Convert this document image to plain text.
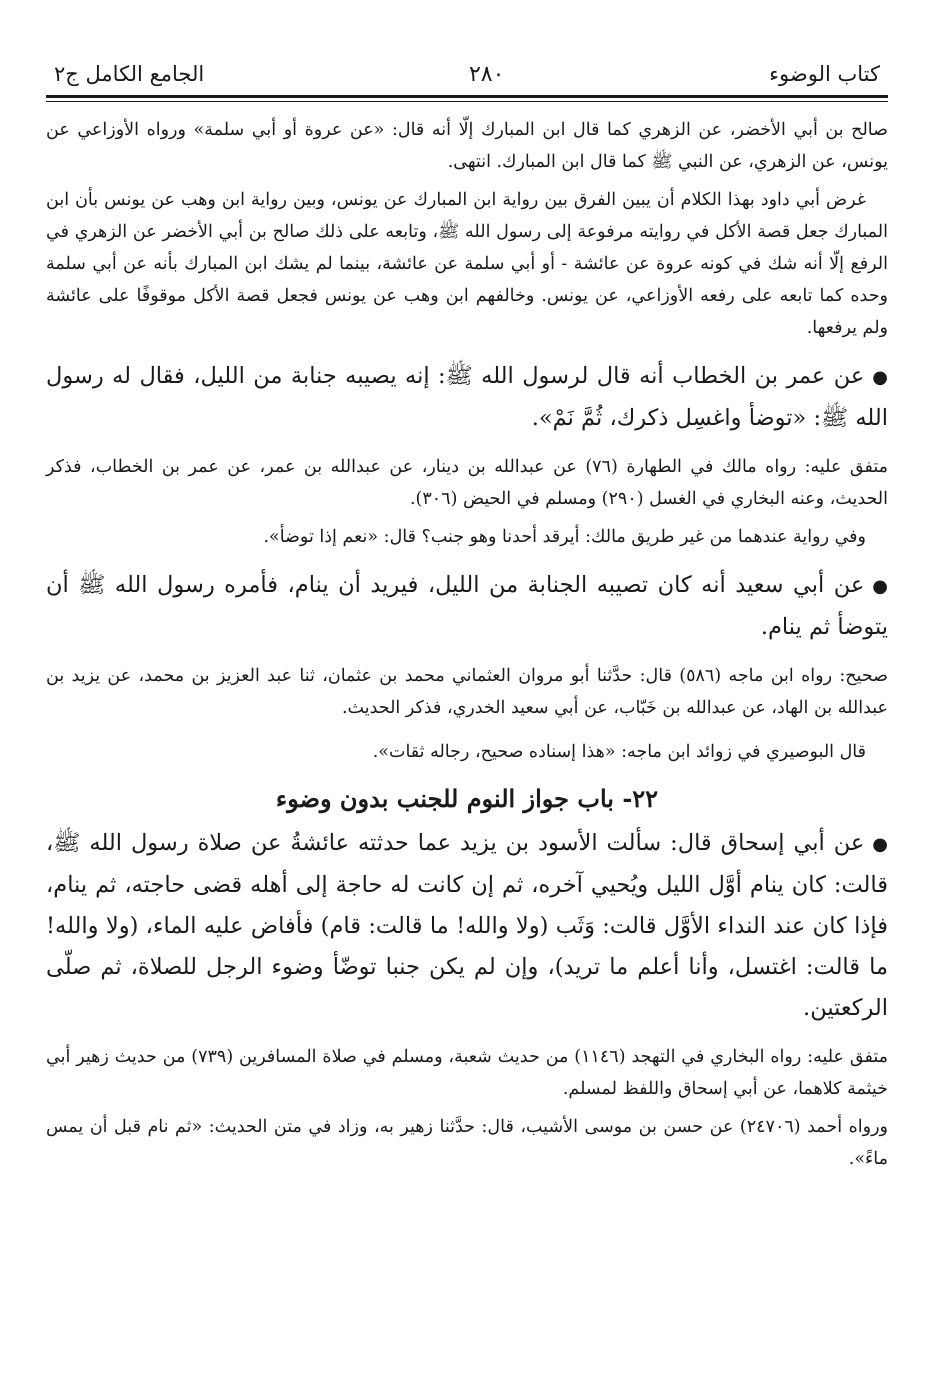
كتاب الوضوء
٢٨٠
الجامع الكامل ج٢

صالح بن أبي الأخضر، عن الزهري كما قال ابن المبارك إلّا أنه قال: «عن عروة أو أبي سلمة» ورواه الأوزاعي عن يونس، عن الزهري، عن النبي ﷺ كما قال ابن المبارك. انتهى.

غرض أبي داود بهذا الكلام أن يبين الفرق بين رواية ابن المبارك عن يونس، وبين رواية ابن وهب عن يونس بأن ابن المبارك جعل قصة الأكل في روايته مرفوعة إلى رسول الله ﷺ، وتابعه على ذلك صالح بن أبي الأخضر عن الزهري في الرفع إلّا أنه شك في كونه عروة عن عائشة - أو أبي سلمة عن عائشة، بينما لم يشك ابن المبارك بأنه عن أبي سلمة وحده كما تابعه على رفعه الأوزاعي، عن يونس. وخالفهم ابن وهب عن يونس فجعل قصة الأكل موقوفًا على عائشة ولم يرفعها.

●عن عمر بن الخطاب أنه قال لرسول الله ﷺ: إنه يصيبه جنابة من الليل، فقال له رسول الله ﷺ: «توضأ واغسِل ذكرك، ثُمَّ نَمْ».

متفق عليه: رواه مالك في الطهارة (٧٦) عن عبدالله بن دينار، عن عبدالله بن عمر، عن عمر بن الخطاب، فذكر الحديث، وعنه البخاري في الغسل (٢٩٠) ومسلم في الحيض (٣٠٦).

وفي رواية عندهما من غير طريق مالك: أيرقد أحدنا وهو جنب؟ قال: «نعم إذا توضأ».

●عن أبي سعيد أنه كان تصيبه الجنابة من الليل، فيريد أن ينام، فأمره رسول الله ﷺ أن يتوضأ ثم ينام.

صحيح: رواه ابن ماجه (٥٨٦) قال: حدَّثنا أبو مروان العثماني محمد بن عثمان، ثنا عبد العزيز بن محمد، عن يزيد بن عبدالله بن الهاد، عن عبدالله بن خَبّاب، عن أبي سعيد الخدري، فذكر الحديث.

قال البوصيري في زوائد ابن ماجه: «هذا إسناده صحيح، رجاله ثقات».

٢٢- باب جواز النوم للجنب بدون وضوء

●عن أبي إسحاق قال: سألت الأسود بن يزيد عما حدثته عائشةُ عن صلاة رسول الله ﷺ، قالت: كان ينام أوَّل الليل ويُحيي آخره، ثم إن كانت له حاجة إلى أهله قضى حاجته، ثم ينام، فإذا كان عند النداء الأوَّل قالت: وَثَب (ولا والله! ما قالت: قام) فأفاض عليه الماء، (ولا والله! ما قالت: اغتسل، وأنا أعلم ما تريد)، وإن لم يكن جنبا توضّأ وضوء الرجل للصلاة، ثم صلّى الركعتين.

متفق عليه: رواه البخاري في التهجد (١١٤٦) من حديث شعبة، ومسلم في صلاة المسافرين (٧٣٩) من حديث زهير أبي خيثمة كلاهما، عن أبي إسحاق واللفظ لمسلم.

ورواه أحمد (٢٤٧٠٦) عن حسن بن موسى الأشيب، قال: حدَّثنا زهير به، وزاد في متن الحديث: «ثم نام قبل أن يمس ماءً».
